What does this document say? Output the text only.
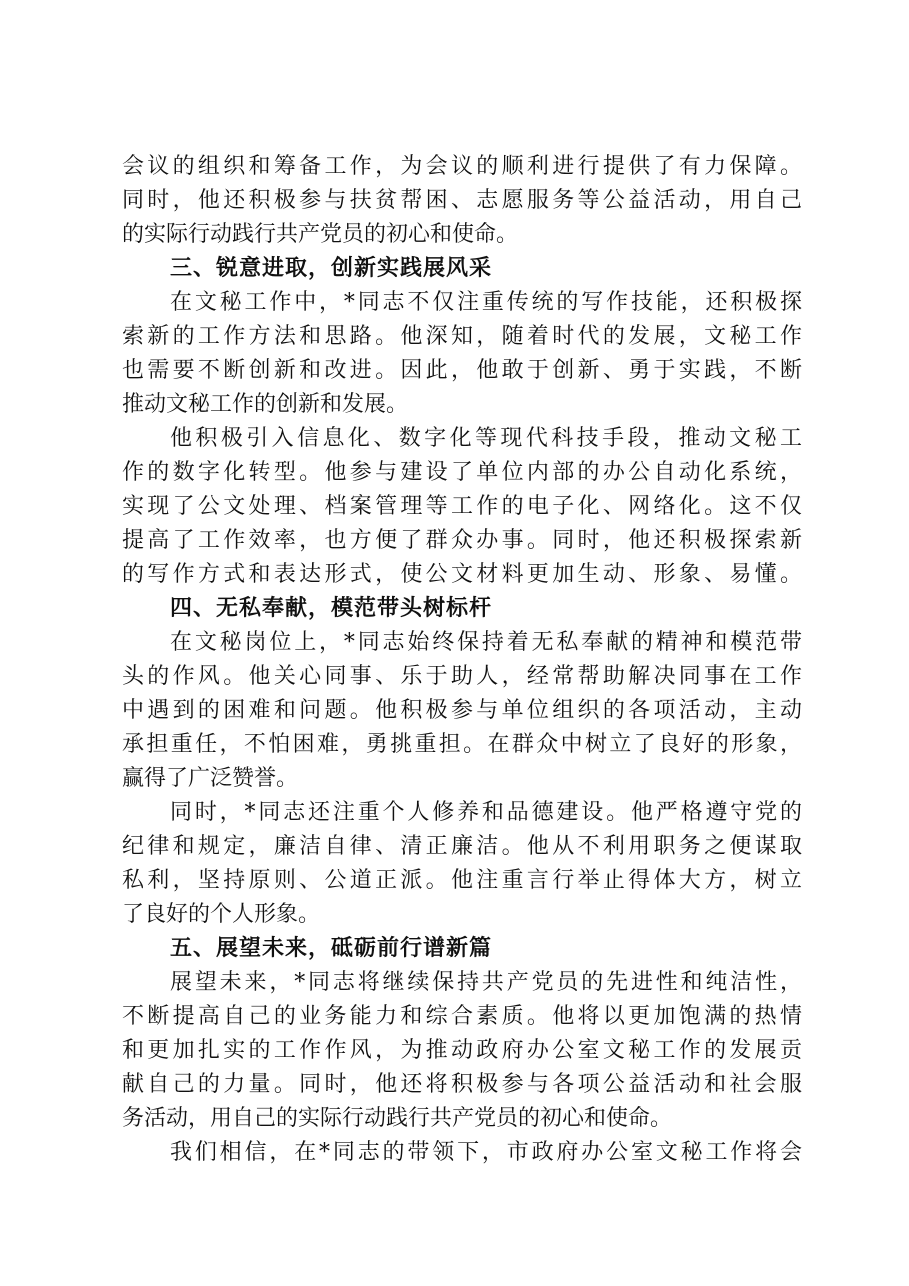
会议的组织和筹备工作，为会议的顺利进行提供了有力保障。
同时，他还积极参与扶贫帮困、志愿服务等公益活动，用自己
的实际行动践行共产党员的初心和使命。
三、锐意进取，创新实践展风采
在文秘工作中，*同志不仅注重传统的写作技能，还积极探
索新的工作方法和思路。他深知，随着时代的发展，文秘工作
也需要不断创新和改进。因此，他敢于创新、勇于实践，不断
推动文秘工作的创新和发展。
他积极引入信息化、数字化等现代科技手段，推动文秘工
作的数字化转型。他参与建设了单位内部的办公自动化系统，
实现了公文处理、档案管理等工作的电子化、网络化。这不仅
提高了工作效率，也方便了群众办事。同时，他还积极探索新
的写作方式和表达形式，使公文材料更加生动、形象、易懂。
四、无私奉献，模范带头树标杆
在文秘岗位上，*同志始终保持着无私奉献的精神和模范带
头的作风。他关心同事、乐于助人，经常帮助解决同事在工作
中遇到的困难和问题。他积极参与单位组织的各项活动，主动
承担重任，不怕困难，勇挑重担。在群众中树立了良好的形象，
赢得了广泛赞誉。
同时，*同志还注重个人修养和品德建设。他严格遵守党的
纪律和规定，廉洁自律、清正廉洁。他从不利用职务之便谋取
私利，坚持原则、公道正派。他注重言行举止得体大方，树立
了良好的个人形象。
五、展望未来，砥砺前行谱新篇
展望未来，*同志将继续保持共产党员的先进性和纯洁性，
不断提高自己的业务能力和综合素质。他将以更加饱满的热情
和更加扎实的工作作风，为推动政府办公室文秘工作的发展贡
献自己的力量。同时，他还将积极参与各项公益活动和社会服
务活动，用自己的实际行动践行共产党员的初心和使命。
我们相信，在*同志的带领下，市政府办公室文秘工作将会
